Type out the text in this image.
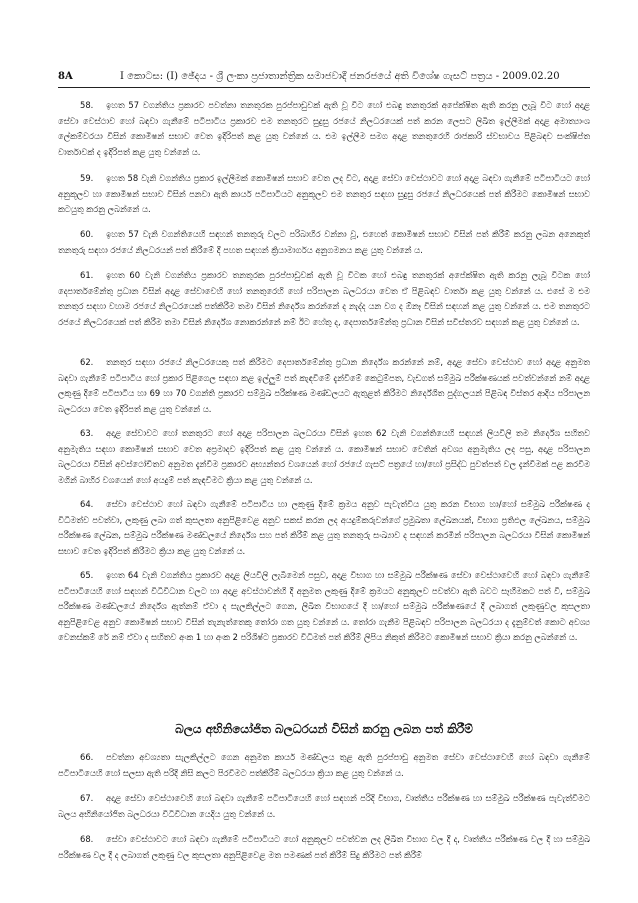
8A	I කොටස: (I) ඡේදය - ශ්‍රී ලංකා ප්‍රජාතාන්ත්‍රික සමාජවාදී ජනරජයේ අති විශේෂ ගැසට් පත්‍රය - 2009.02.20
58. ඉහත 57 වගන්තිය ප්‍රකාරව පවත්නා තනතුරක පුරප්පාඩුවක් ඇති වූ විට හෝ එබඳු තනතුරක් අපේක්ෂිත ඇති කරනු ලැබූ විට හෝ අදාළ සේවා වෙස්ථාව හෝ බඳවා ගැනීමේ පටිපාටිය ප්‍රකාරව එම තනතුරට සුදුසු රජයේ නිලධරයෙක් පත් කරන ලෙසට ලිඛිත ඉල්ලීමක් අදාළ අමාත්‍යාංශ ලේකම්වරයා විසින් කොමිෂන් සභාව වෙත ඉදිරිපත් කළ යුතු වන්නේ ය. එම ඉල්ලීම සමග අදාළ තනතුරෙහි රාජකාරි ස්වභාවය පිළිබඳව සංක්ෂිප්ත වාර්තාවක් ද ඉදිරිපත් කළ යුතු වන්නේ ය.
59. ඉහත 58 වැනි වගන්තිය ප්‍රකාර ඉල්ලීමක් කොමිෂන් සභාව වෙත ලද විට, අදාළ සේවා වෙස්ථාවට හෝ අදාළ බඳවා ගැනීමේ පටිපාටියට හෝ අනුකූලව හා කොමිෂන් සභාව විසින් පනවා ඇති කාර්ය පටිපාටියට අනුකූලව එම තනතුර සඳහා සුදුසු රජයේ නිලධරයෙක් පත් කිරීමට කොමිෂන් සභාව කටයුතු කරනු ලබන්නේ ය.
60. ඉහත 57 වැනි වගන්තියෙහි සඳහන් තනතුරු වලට පරිබාහිර වන්නා වූ, එහෙත් කොමිෂන් සභාව විසින් පත් කිරීම් කරනු ලබන අනෙකුත් තනතුරු සඳහා රජයේ නිලධරයන් පත් කිරීමේ දී පහත සඳහන් ක්‍රියාමාර්ගය අනුගමනය කළ යුතු වන්නේ ය.
61. ඉහත 60 වැනි වගන්තිය ප්‍රකාරව තනතුරක පුරප්පාඩුවක් ඇති වූ විටක හෝ එබඳු තනතුරක් අපේක්ෂිත ඇති කරනු ලැබූ විටක හෝ දෙපාර්තමේන්තු ප්‍රධාන විසින් අදාළ සේවාවෙහි හෝ තනතුරෙහි හෝ පරිපාලන බලධරයා වෙත ඒ පිළිබඳව වාර්තා කළ යුතු වන්නේ ය. එසේ ම එම තනතුර සඳහා වහාම රජයේ නිලධරයෙක් පත්කිරීම තමා විසින් නිර්දේශ කරන්නේ ද නැද්ද යන වග ද ඕනෑ විසින් සඳහන් කළ යුතු වන්නේ ය. එම තනතුරට රජයේ නිලධරයෙක් පත් කිරීම තමා විසින් නිර්දේශ නොකරන්නේ නම් ඊට හේතු ද, දෙපාර්තමේන්තු ප්‍රධාන විසින් සවිස්තරව සඳහන් කළ යුතු වන්නේ ය.
62. තනතුර සඳහා රජයේ නිලධරයෙකු පත් කිරීමට දෙපාර්තමේන්තු ප්‍රධාන නිර්දේශ කරන්නේ නම්, අදාළ සේවා වෙස්ථාව හෝ අදාළ අනුමත බඳවා ගැනීමේ පටිපාටිය හෝ ප්‍රකාර පිළිගෙල සඳහා කළ ඉල්ලුම් පත් කැඳවීමේ දැන්වීමේ කෙටුම්පත, වැඩගත් සම්මුඛ පරීක්ෂණයක් පවත්වන්නේ නම් අදාළ ලකුණු දීමේ පටිපාටිය හා 69 හා 70 වගන්ති ප්‍රකාරව සම්මුඛ පරීක්ෂණ මණ්ඩලයට ඇතුළත් කිරීමට නිර්දේශිත පුද්ගලයන් පිළිබඳ විස්තර ආදිය පරිපාලන බලධරයා වෙත ඉදිරිපත් කළ යුතු වන්නේ ය.
63. අදාළ සේවාවට හෝ තනතුරට හෝ අදාළ පරිපාලන බලධරයා විසින් ඉහත 62 වැනි වගන්තියෙහි සඳහන් ලියවිලි තම නිර්දේශ සහිතව අනුමැතිය සඳහා කොමිෂන් සභාව වෙත අප්‍රමාදව ඉදිරිපත් කළ යුතු වන්නේ ය. කොමිෂන් සභාව වෙතින් අවශ්‍ය අනුමැතිය ලද පසු, අදාළ පරිපාලන බලධරයා විසින් අවස්ථෝචිතව අනුමත දැන්වීම ප්‍රකාරව අභ්‍යන්තර වශයෙන් හෝ රජයේ ගැසට් පත්‍රයේ හා/හෝ ප්‍රසිද්ධ පුවත්පත් වල දැන්වීමක් පළ කරවීම මගින් බාහිර වශයෙන් හෝ අයදුම් පත් කැඳවීමට ක්‍රියා කළ යුතු වන්නේ ය.
64. සේවා වෙස්ථාව හෝ බඳවා ගැනීමේ පටිපාටිය හා ලකුණු දීමේ ක්‍රමය අනුව පැවැත්විය යුතු කරන විභාග හා/හෝ සම්මුඛ පරීක්ෂණ ද විධිමත්ව පවත්වා, ලකුණු ලබා ගත් කුසලතා අනුපිළිවෙළ අනුව සකස් කරන ලද අයදුම්කරුවන්ගේ ප්‍රමුඛතා ලේඛනයක්, විභාග ප්‍රතිඵල ලේඛනය, සම්මුඛ පරීක්ෂණ ලේඛන, සම්මුඛ පරීක්ෂණ මණ්ඩලයේ නිර්දේශ සහ පත් කිරීම් කළ යුතු තනතුරු සංඛ්‍යාව ද සඳහන් කරමින් පරිපාලන බලධරයා විසින් කොමිෂන් සභාව වෙත ඉදිරිපත් කිරීමට ක්‍රියා කළ යුතු වන්නේ ය.
65. ඉහත 64 වැනි වගන්තිය ප්‍රකාරව අදාළ ලියවිලි ලැබීමෙන් පසුව, අදාළ විභාග හා සම්මුඛ පරීක්ෂණ සේවා වෙස්ථාවෙහි හෝ බඳවා ගැනීමේ පටිපාටියෙහි හෝ සඳහන් විධිවිධාන වලට හා අදාළ අවස්ථාවන්හි දී අනුමත ලකුණු දීමේ ක්‍රමයට අනුකූලව පවත්වා ඇති බවට සෑහීමකට පත් වී, සම්මුඛ පරීක්ෂණ මණ්ඩලයේ නිර්දේශ ඇත්නම් ඒවා ද සැලකිල්ලට ගෙන, ලිඛිත විභාගයේ දී හා/හෝ සම්මුඛ පරීක්ෂණයේ දී ලබාගත් ලකුණුවල කුසලතා අනුපිළිවෙළ අනුව කොමිෂන් සභාව විසින් තැනැත්තෙකු තෝරා ගත යුතු වන්නේ ය. තෝරා ගැනීම පිළිබඳව පරිපාලන බලධරයා ද දැනුම්වත් කොට අවශ්‍ය වෙනස්කම් රේ නම් ඒවා ද සහිතව අංක 1 හා අංක 2 පරිශිෂ්ට ප්‍රකාරව විධිමත් පත් කිරීම් ලිපිය නිකුත් කිරීමට කොමිෂන් සභාව ක්‍රියා කරනු ලබන්නේ ය.
බලය අභිනියෝජිත බලධරයන් විසින් කරනු ලබන පත් කිරීම්
66. පවත්නා අවශ්‍යතා සැලකිල්ලට ගෙන අනුමත කාර්ය මණ්ඩලය තුළ ඇති පුරප්පාඩු අනුමත සේවා වෙස්ථාවෙහි හෝ බඳවා ගැනීමේ පටිපාටියෙහි හෝ සලසා ඇති පරිදි නිසි කලට පිරවීමට පත්කිරීම් බලධරයා ක්‍රියා කළ යුතු වන්නේ ය.
67. අදාළ සේවා වෙස්ථාවෙහි හෝ බඳවා ගැනීමේ පටිපාටියෙහි හෝ සඳහන් පරිදි විභාග, වෘත්තීය පරීක්ෂණ හා සම්මුඛ පරීක්ෂණ පැවැත්වීමට බලය අභිනියෝජිත බලධරයා විධිවිධාන යෙදිය යුතු වන්නේ ය.
68. සේවා වෙස්ථාවට හෝ බඳවා ගැනීමේ පටිපාටියට හෝ අනුකූලව පවත්වන ලද ලිඛිත විභාග වල දී ද, වෘත්තීය පරීක්ෂණ වල දී හා සම්මුඛ පරීක්ෂණ වල දී ද ලබාගත් ලකුණු වල කුසලතා අනුපිළිවෙළ මත පමණක් පත් කිරීම් සිදු කිරීමට පත් කිරීම්
